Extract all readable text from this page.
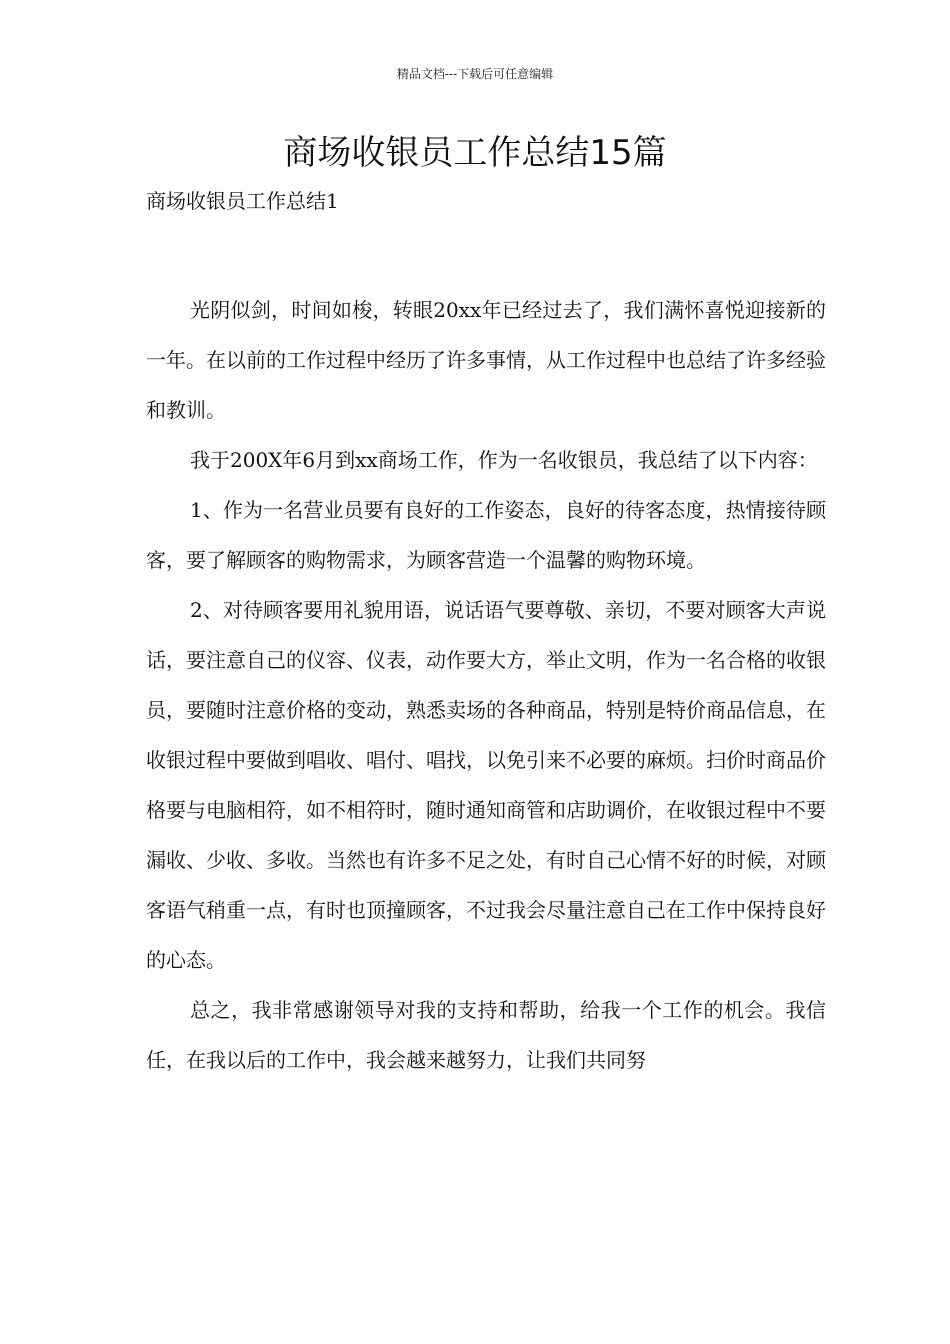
精品文档---下载后可任意编辑
商场收银员工作总结15篇
商场收银员工作总结1

光阴似剑，时间如梭，转眼20xx年已经过去了，我们满怀喜悦迎接新的一年。在以前的工作过程中经历了许多事情，从工作过程中也总结了许多经验和教训。

我于200X年6月到xx商场工作，作为一名收银员，我总结了以下内容：

1、作为一名营业员要有良好的工作姿态，良好的待客态度，热情接待顾客，要了解顾客的购物需求，为顾客营造一个温馨的购物环境。

2、对待顾客要用礼貌用语，说话语气要尊敬、亲切，不要对顾客大声说话，要注意自己的仪容、仪表，动作要大方，举止文明，作为一名合格的收银员，要随时注意价格的变动，熟悉卖场的各种商品，特别是特价商品信息，在收银过程中要做到唱收、唱付、唱找，以免引来不必要的麻烦。扫价时商品价格要与电脑相符，如不相符时，随时通知商管和店助调价，在收银过程中不要漏收、少收、多收。当然也有许多不足之处，有时自己心情不好的时候，对顾客语气稍重一点，有时也顶撞顾客，不过我会尽量注意自己在工作中保持良好的心态。

总之，我非常感谢领导对我的支持和帮助，给我一个工作的机会。我信任，在我以后的工作中，我会越来越努力，让我们共同努
